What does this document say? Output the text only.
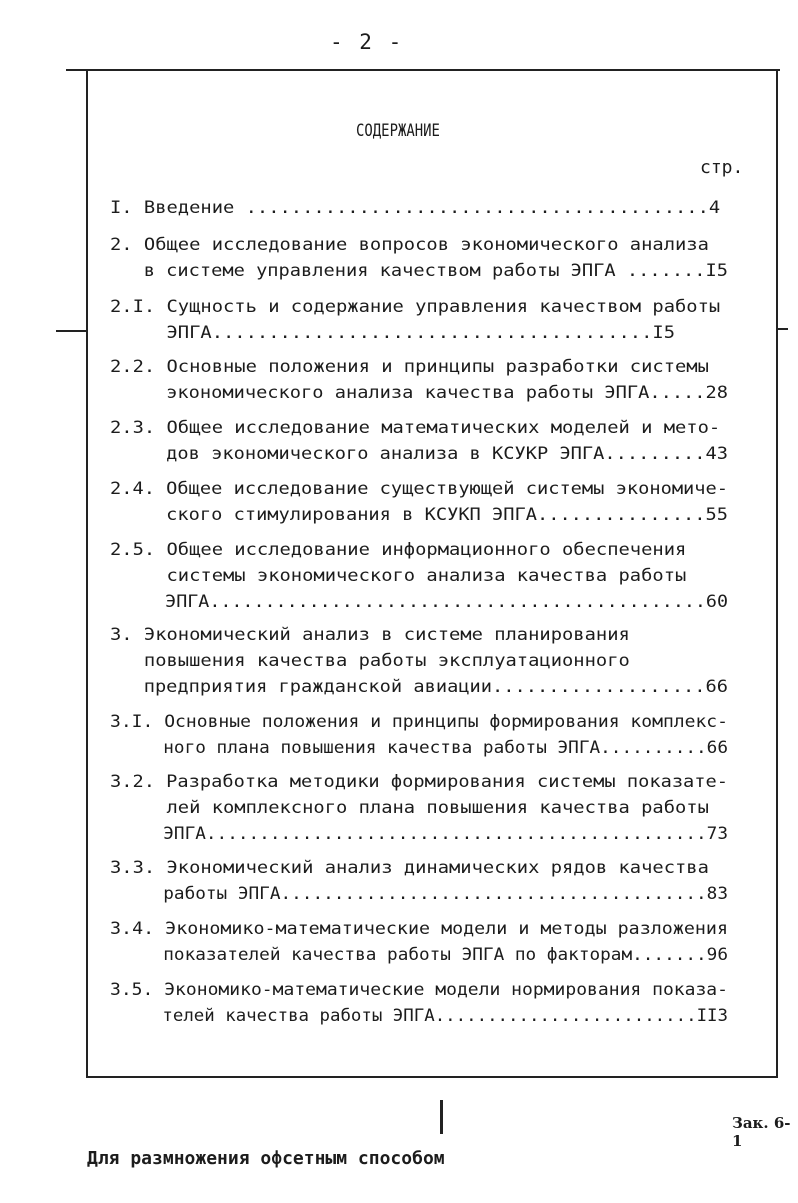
- 2 -
СОДЕРЖАНИЕ
стр.
I. Введение .........................................4
2. Общее исследование вопросов экономического анализа
в системе управления качеством работы ЭПГА .......I5
2.I. Сущность и содержание управления качеством работы
ЭПГА.......................................I5
2.2. Основные положения и принципы разработки системы
экономического анализа качества работы ЭПГА.....28
2.3. Общее исследование математических моделей и мето-
дов экономического анализа в КСУКР ЭПГА.........43
2.4. Общее исследование существующей системы экономиче-
ского стимулирования в КСУКП ЭПГА...............55
2.5. Общее исследование информационного обеспечения
системы экономического анализа качества работы
ЭПГА.............................................60
3. Экономический анализ в системе планирования
повышения качества работы эксплуатационного
предприятия гражданской авиации...................66
3.I. Основные положения и принципы формирования комплекс-
ного плана повышения качества работы ЭПГА..........66
3.2. Разработка методики формирования системы показате-
лей комплексного плана повышения качества работы
ЭПГА...............................................73
3.3. Экономический анализ динамических рядов качества
работы ЭПГА........................................83
3.4. Экономико-математические модели и методы разложения
показателей качества работы ЭПГА по факторам.......96
3.5. Экономико-математические модели нормирования показа-
телей качества работы ЭПГА.........................II3
Зак. 6-1
Для размножения офсетным способом
